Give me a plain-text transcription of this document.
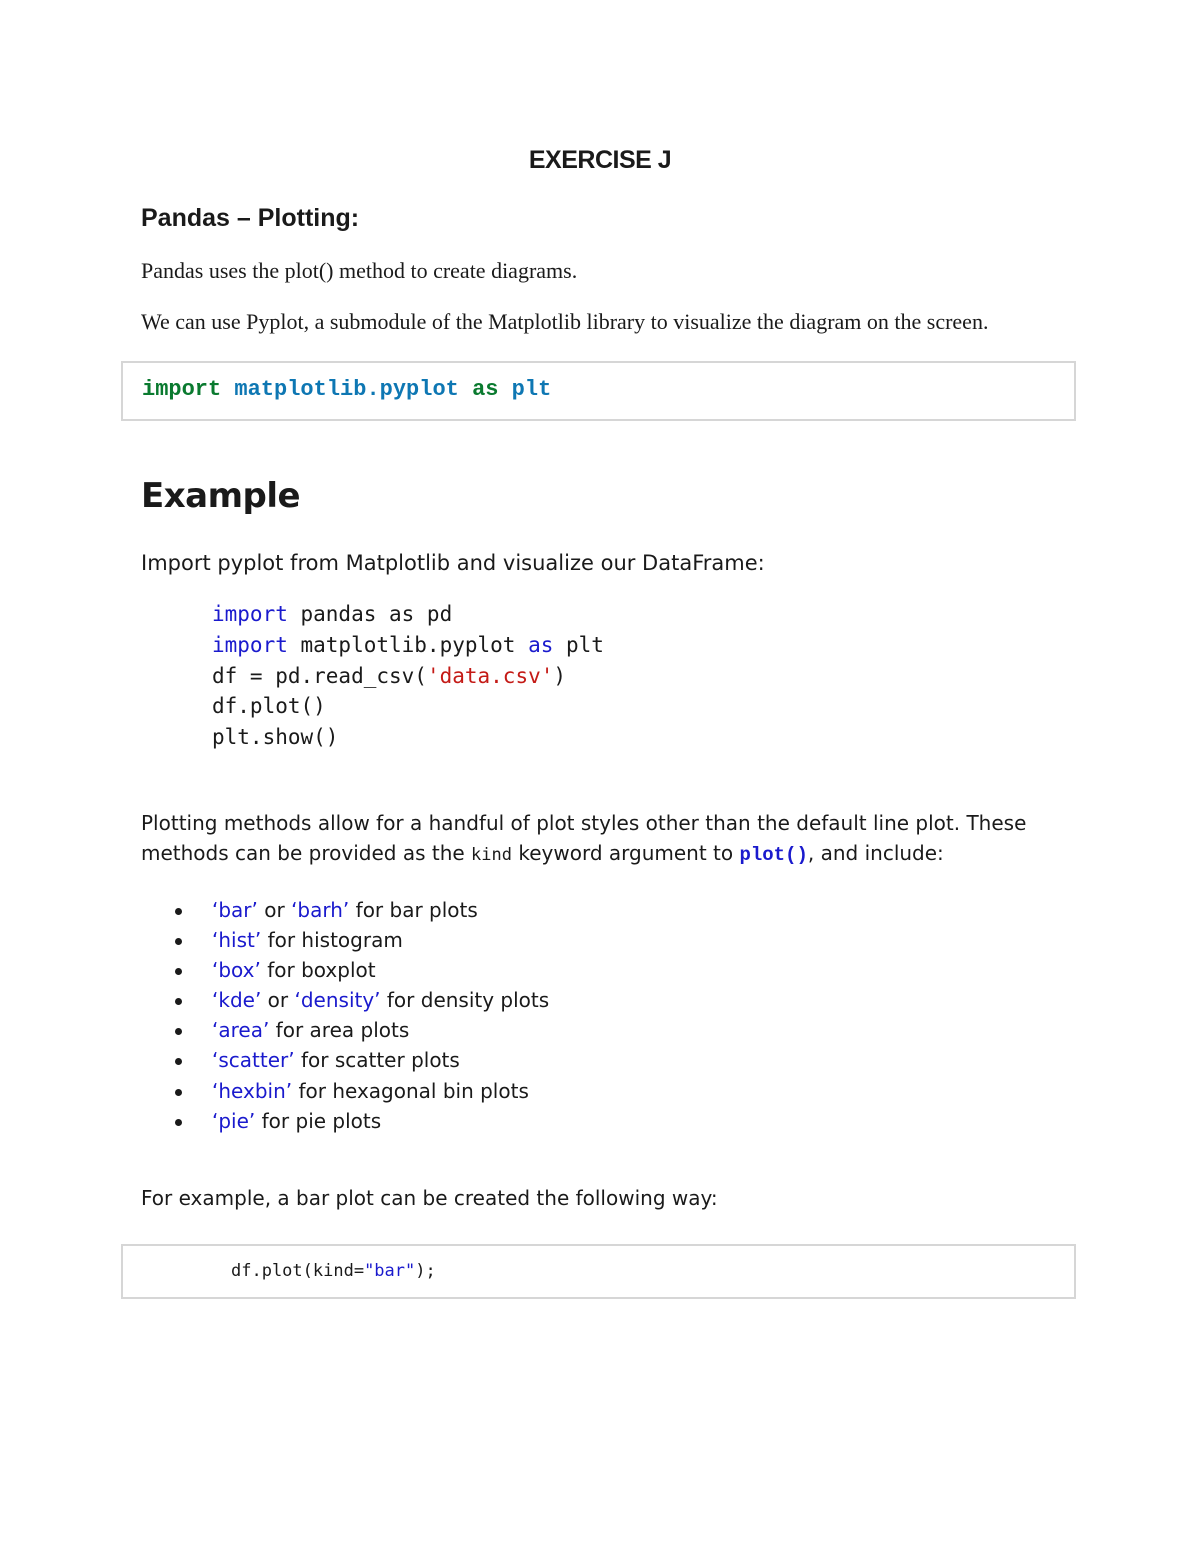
EXERCISE J
Pandas – Plotting:
Pandas uses the plot() method to create diagrams.
We can use Pyplot, a submodule of the Matplotlib library to visualize the diagram on the screen.
import matplotlib.pyplot as plt
Example
Import pyplot from Matplotlib and visualize our DataFrame:
import pandas as pd
import matplotlib.pyplot as plt
df = pd.read_csv('data.csv')
df.plot()
plt.show()
Plotting methods allow for a handful of plot styles other than the default line plot. These methods can be provided as the kind keyword argument to plot(), and include:
‘bar’ or ‘barh’ for bar plots
‘hist’ for histogram
‘box’ for boxplot
‘kde’ or ‘density’ for density plots
‘area’ for area plots
‘scatter’ for scatter plots
‘hexbin’ for hexagonal bin plots
‘pie’ for pie plots
For example, a bar plot can be created the following way:
df.plot(kind="bar");
